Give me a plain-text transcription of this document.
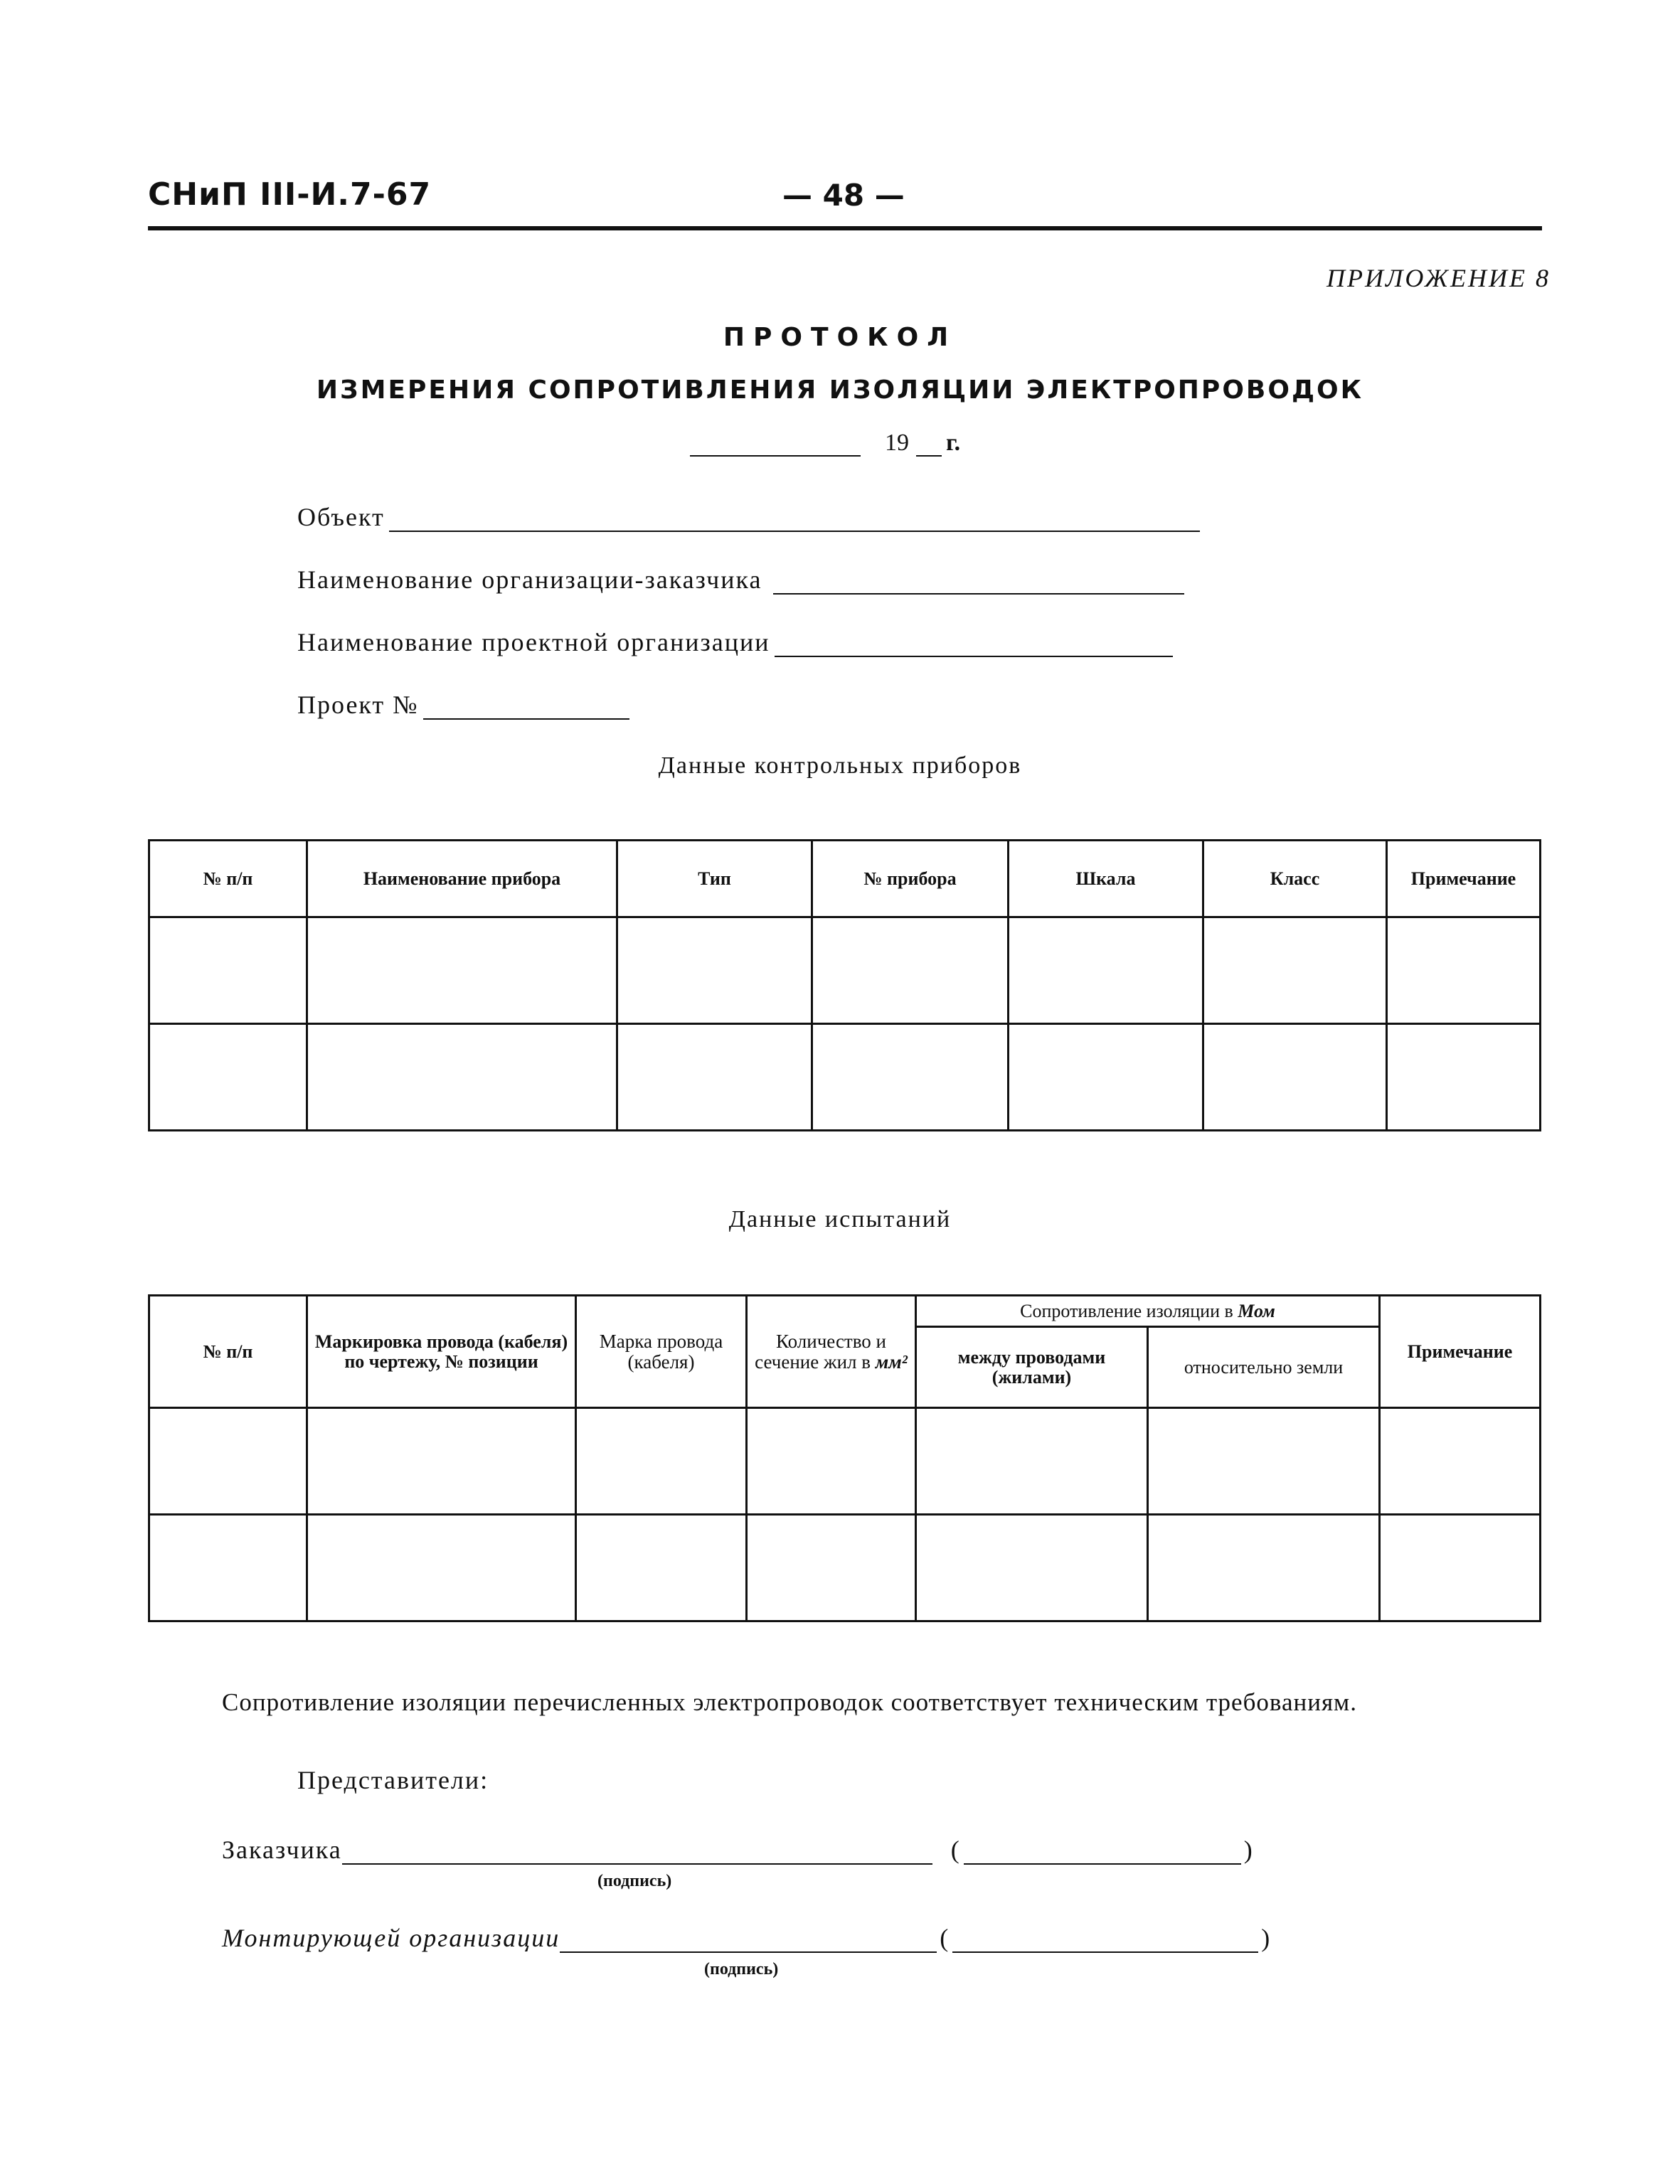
СНиП III-И.7-67	— 48 —
ПРИЛОЖЕНИЕ 8
ПРОТОКОЛ
ИЗМЕРЕНИЯ СОПРОТИВЛЕНИЯ ИЗОЛЯЦИИ ЭЛЕКТРОПРОВОДОК
19 г.
Объект
Наименование организации-заказчика
Наименование проектной организации
Проект №
Данные контрольных приборов
№ п/п	Наименование прибора	Тип	№ прибора	Шкала	Класс	Примечание

Данные испытаний
№ п/п	Маркировка провода (кабеля) по чертежу, № позиции	Марка провода (кабеля)	Количество и сечение жил в мм²	Сопротивление изоляции в Мом		Примечание
				между проводами (жилами)	относительно земли	

Сопротивление изоляции перечисленных электропроводок соответствует техническим требованиям.
Представители:
Заказчика	(	)
(подпись)
Монтирующей организации	(	)
(подпись)
